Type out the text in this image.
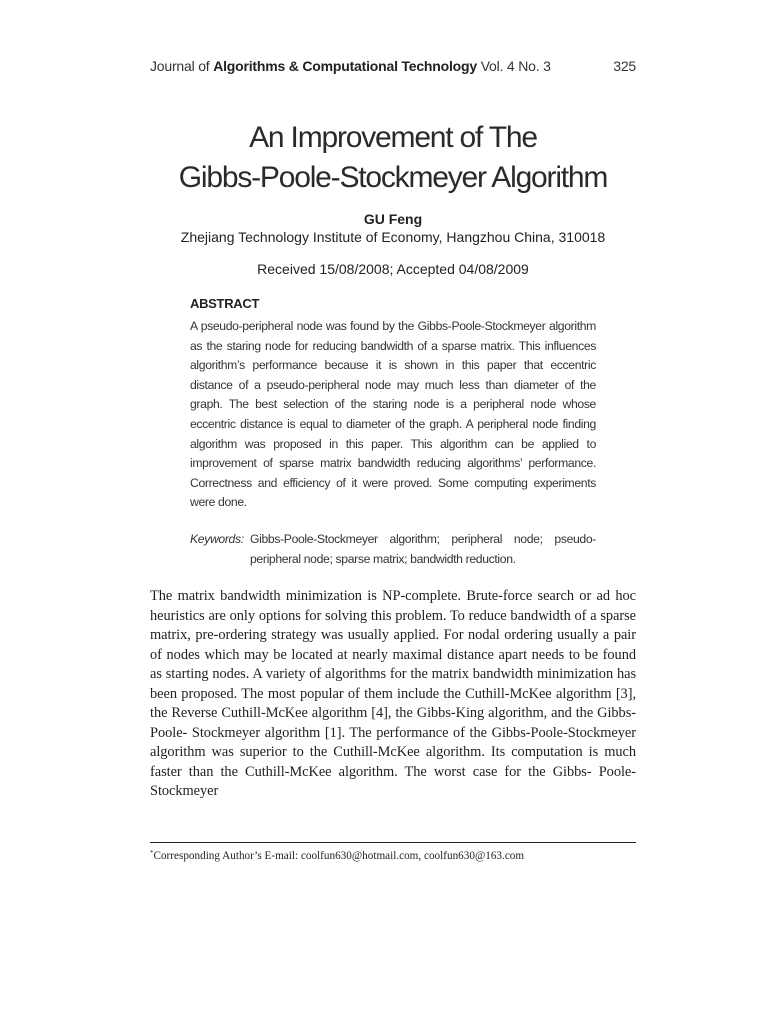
Journal of Algorithms & Computational Technology Vol. 4 No. 3	325
An Improvement of The
Gibbs-Poole-Stockmeyer Algorithm
GU Feng
Zhejiang Technology Institute of Economy, Hangzhou China, 310018
Received 15/08/2008; Accepted 04/08/2009
ABSTRACT

A pseudo-peripheral node was found by the Gibbs-Poole-Stockmeyer algorithm as the staring node for reducing bandwidth of a sparse matrix. This influences algorithm’s performance because it is shown in this paper that eccentric distance of a pseudo-peripheral node may much less than diameter of the graph. The best selection of the staring node is a peripheral node whose eccentric distance is equal to diameter of the graph. A peripheral node finding algorithm was proposed in this paper. This algorithm can be applied to improvement of sparse matrix bandwidth reducing algorithms’ performance. Correctness and efficiency of it were proved. Some computing experiments were done.

Keywords: Gibbs-Poole-Stockmeyer algorithm; peripheral node; pseudo-peripheral node; sparse matrix; bandwidth reduction.

The matrix bandwidth minimization is NP-complete. Brute-force search or ad hoc heuristics are only options for solving this problem. To reduce bandwidth of a sparse matrix, pre-ordering strategy was usually applied. For nodal ordering usually a pair of nodes which may be located at nearly maximal distance apart needs to be found as starting nodes. A variety of algorithms for the matrix bandwidth minimization has been proposed. The most popular of them include the Cuthill-McKee algorithm [3], the Reverse Cuthill-McKee algorithm [4], the Gibbs-King algorithm, and the Gibbs-Poole- Stockmeyer algorithm [1]. The performance of the Gibbs-Poole-Stockmeyer algorithm was superior to the Cuthill-McKee algorithm. Its computation is much faster than the Cuthill-McKee algorithm. The worst case for the Gibbs- Poole-Stockmeyer

*Corresponding Author’s E-mail: coolfun630@hotmail.com, coolfun630@163.com
